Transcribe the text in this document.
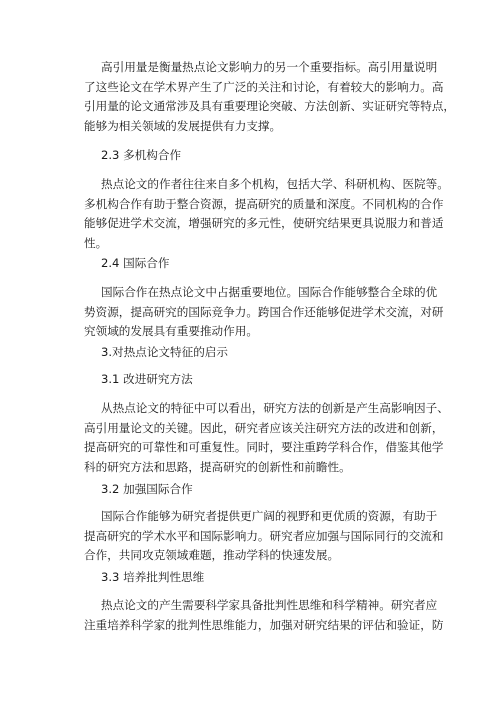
高引用量是衡量热点论文影响力的另一个重要指标。高引用量说明
了这些论文在学术界产生了广泛的关注和讨论，有着较大的影响力。高
引用量的论文通常涉及具有重要理论突破、方法创新、实证研究等特点，
能够为相关领域的发展提供有力支撑。
2.3 多机构合作
热点论文的作者往往来自多个机构，包括大学、科研机构、医院等。
多机构合作有助于整合资源，提高研究的质量和深度。不同机构的合作
能够促进学术交流，增强研究的多元性，使研究结果更具说服力和普适
性。
2.4 国际合作
国际合作在热点论文中占据重要地位。国际合作能够整合全球的优
势资源，提高研究的国际竞争力。跨国合作还能够促进学术交流，对研
究领域的发展具有重要推动作用。
3.对热点论文特征的启示
3.1 改进研究方法
从热点论文的特征中可以看出，研究方法的创新是产生高影响因子、
高引用量论文的关键。因此，研究者应该关注研究方法的改进和创新，
提高研究的可靠性和可重复性。同时，要注重跨学科合作，借鉴其他学
科的研究方法和思路，提高研究的创新性和前瞻性。
3.2 加强国际合作
国际合作能够为研究者提供更广阔的视野和更优质的资源，有助于
提高研究的学术水平和国际影响力。研究者应加强与国际同行的交流和
合作，共同攻克领域难题，推动学科的快速发展。
3.3 培养批判性思维
热点论文的产生需要科学家具备批判性思维和科学精神。研究者应
注重培养科学家的批判性思维能力，加强对研究结果的评估和验证，防
